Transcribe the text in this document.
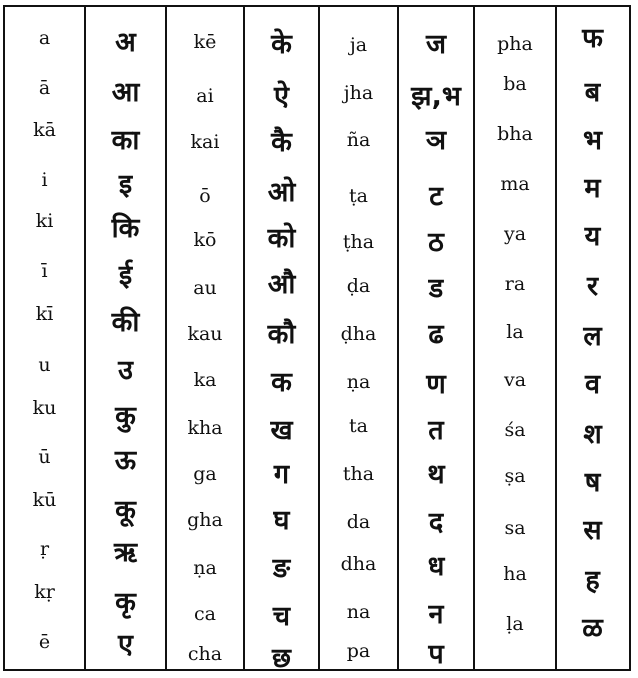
a
ā
kā
i
ki
ī
kī
u
ku
ū
kū
ṛ
kṛ
ē
अ
आ
का
इ
कि
ई
की
उ
कु
ऊ
कू
ऋ
कृ
ए
kē
ai
kai
ō
kō
au
kau
ka
kha
ga
gha
ṇa
ca
cha
के
ऐ
कै
ओ
को
औ
कौ
क
ख
ग
घ
ङ
च
छ
ja
jha
ña
ṭa
ṭha
ḍa
ḍha
ṇa
ta
tha
da
dha
na
pa
ज
झ,भ
ञ
ट
ठ
ड
ढ
ण
त
थ
द
ध
न
प
pha
ba
bha
ma
ya
ra
la
va
śa
ṣa
sa
ha
ḷa
फ
ब
भ
म
य
र
ल
व
श
ष
स
ह
ळ
